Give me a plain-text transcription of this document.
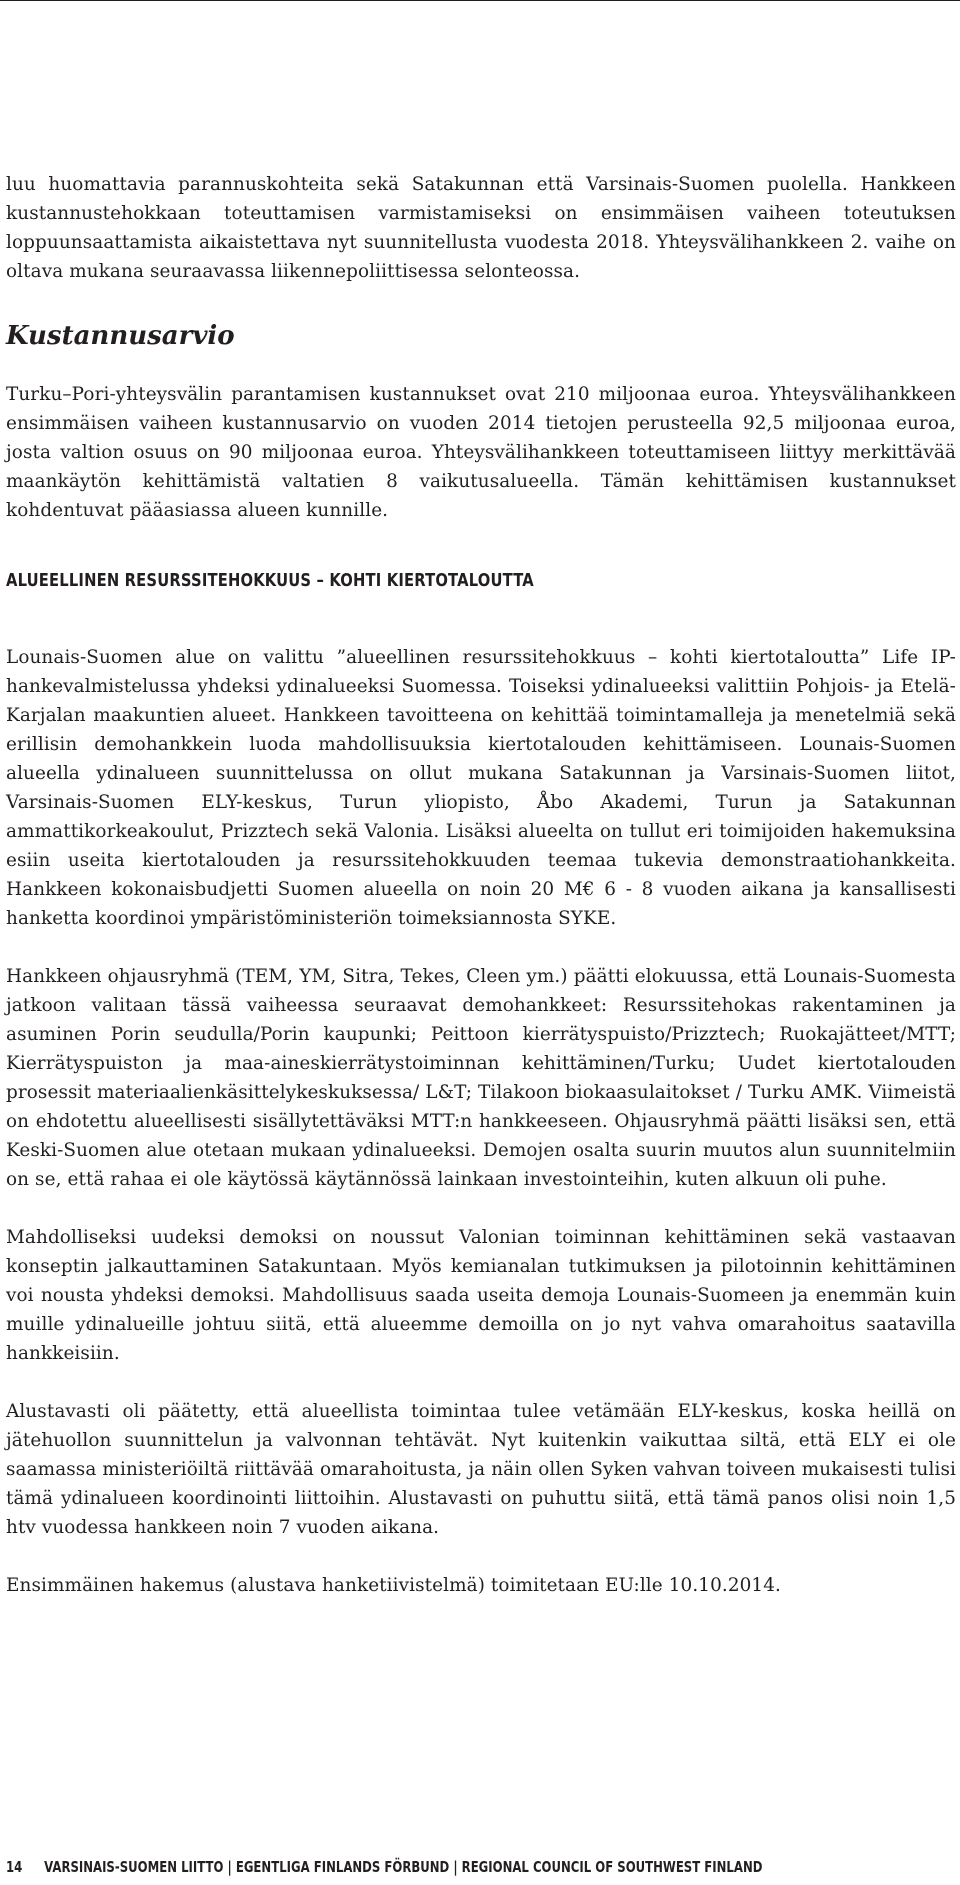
luu huomattavia parannuskohteita sekä Satakunnan että Varsinais-Suomen puolella. Hankkeen kustannustehokkaan toteuttamisen varmistamiseksi on ensimmäisen vaiheen toteutuksen loppuunsaattamista aikaistettava nyt suunnitellusta vuodesta 2018. Yhteysvälihankkeen 2. vaihe on oltava mukana seuraavassa liikennepoliittisessa selonteossa.

Kustannusarvio

Turku–Pori-yhteysvälin parantamisen kustannukset ovat 210 miljoonaa euroa. Yhteysvälihankkeen ensimmäisen vaiheen kustannusarvio on vuoden 2014 tietojen perusteella 92,5 miljoonaa euroa, josta valtion osuus on 90 miljoonaa euroa. Yhteysvälihankkeen toteuttamiseen liittyy merkittävää maankäytön kehittämistä valtatien 8 vaikutusalueella. Tämän kehittämisen kustannukset kohdentuvat pääasiassa alueen kunnille.

ALUEELLINEN RESURSSITEHOKKUUS – KOHTI KIERTOTALOUTTA

Lounais-Suomen alue on valittu ”alueellinen resurssitehokkuus – kohti kiertotaloutta” Life IP-hankevalmistelussa yhdeksi ydinalueeksi Suomessa. Toiseksi ydinalueeksi valittiin Pohjois- ja Etelä-Karjalan maakuntien alueet. Hankkeen tavoitteena on kehittää toimintamalleja ja menetelmiä sekä erillisin demohankkein luoda mahdollisuuksia kiertotalouden kehittämiseen. Lounais-Suomen alueella ydinalueen suunnittelussa on ollut mukana Satakunnan ja Varsinais-Suomen liitot, Varsinais-Suomen ELY-keskus, Turun yliopisto, Åbo Akademi, Turun ja Satakunnan ammattikorkeakoulut, Prizztech sekä Valonia. Lisäksi alueelta on tullut eri toimijoiden hakemuksina esiin useita kiertotalouden ja resurssitehokkuuden teemaa tukevia demonstraatiohankkeita. Hankkeen kokonaisbudjetti Suomen alueella on noin 20 M€ 6 - 8 vuoden aikana ja kansallisesti hanketta koordinoi ympäristöministeriön toimeksiannosta SYKE.

Hankkeen ohjausryhmä (TEM, YM, Sitra, Tekes, Cleen ym.) päätti elokuussa, että Lounais-Suomesta jatkoon valitaan tässä vaiheessa seuraavat demohankkeet: Resurssitehokas rakentaminen ja asuminen Porin seudulla/Porin kaupunki; Peittoon kierrätyspuisto/Prizztech; Ruokajätteet/MTT; Kierrätyspuiston ja maa-aineskierrätystoiminnan kehittäminen/Turku; Uudet kiertotalouden prosessit materiaalienkäsittelykeskuksessa/ L&T; Tilakoon biokaasulaitokset / Turku AMK. Viimeistä on ehdotettu alueellisesti sisällytettäväksi MTT:n hankkeeseen. Ohjausryhmä päätti lisäksi sen, että Keski-Suomen alue otetaan mukaan ydinalueeksi. Demojen osalta suurin muutos alun suunnitelmiin on se, että rahaa ei ole käytössä käytännössä lainkaan investointeihin, kuten alkuun oli puhe.

Mahdolliseksi uudeksi demoksi on noussut Valonian toiminnan kehittäminen sekä vastaavan konseptin jalkauttaminen Satakuntaan. Myös kemianalan tutkimuksen ja pilotoinnin kehittäminen voi nousta yhdeksi demoksi. Mahdollisuus saada useita demoja Lounais-Suomeen ja enemmän kuin muille ydinalueille johtuu siitä, että alueemme demoilla on jo nyt vahva omarahoitus saatavilla hankkeisiin.

Alustavasti oli päätetty, että alueellista toimintaa tulee vetämään ELY-keskus, koska heillä on jätehuollon suunnittelun ja valvonnan tehtävät. Nyt kuitenkin vaikuttaa siltä, että ELY ei ole saamassa ministeriöiltä riittävää omarahoitusta, ja näin ollen Syken vahvan toiveen mukaisesti tulisi tämä ydinalueen koordinointi liittoihin. Alustavasti on puhuttu siitä, että tämä panos olisi noin 1,5 htv vuodessa hankkeen noin 7 vuoden aikana.

Ensimmäinen hakemus (alustava hanketiivistelmä) toimitetaan EU:lle 10.10.2014.

14 VARSINAIS-SUOMEN LIITTO | EGENTLIGA FINLANDS FÖRBUND | REGIONAL COUNCIL OF SOUTHWEST FINLAND
